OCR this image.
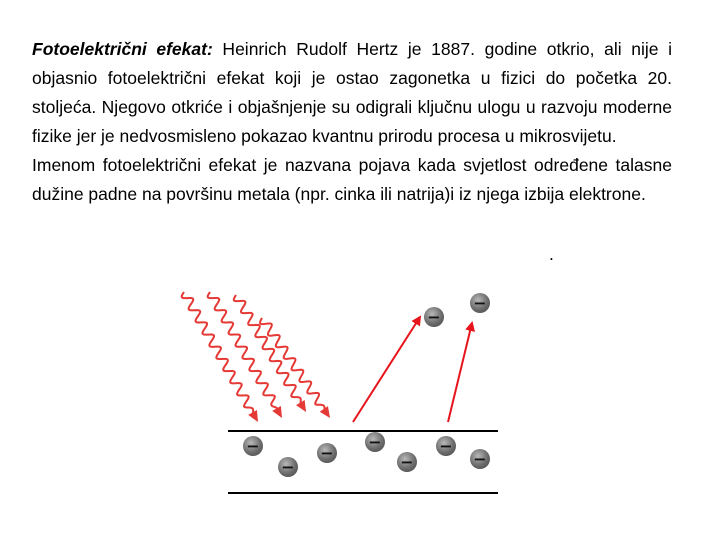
Fotoelektrični efekat: Heinrich Rudolf Hertz je 1887. godine otkrio, ali nije i objasnio fotoelektrični efekat koji je ostao zagonetka u fizici do početka 20. stoljeća. Njegovo otkriće i objašnjenje su odigrali ključnu ulogu u razvoju moderne fizike jer je nedvosmisleno pokazao kvantnu prirodu procesa u mikrosvijetu.

Imenom fotoelektrični efekat je nazvana pojava kada svjetlost određene talasne dužine padne na površinu metala (npr. cinka ili natrija)i iz njega izbija elektrone.

.
−
−
−
−
−
−
−
−
−
